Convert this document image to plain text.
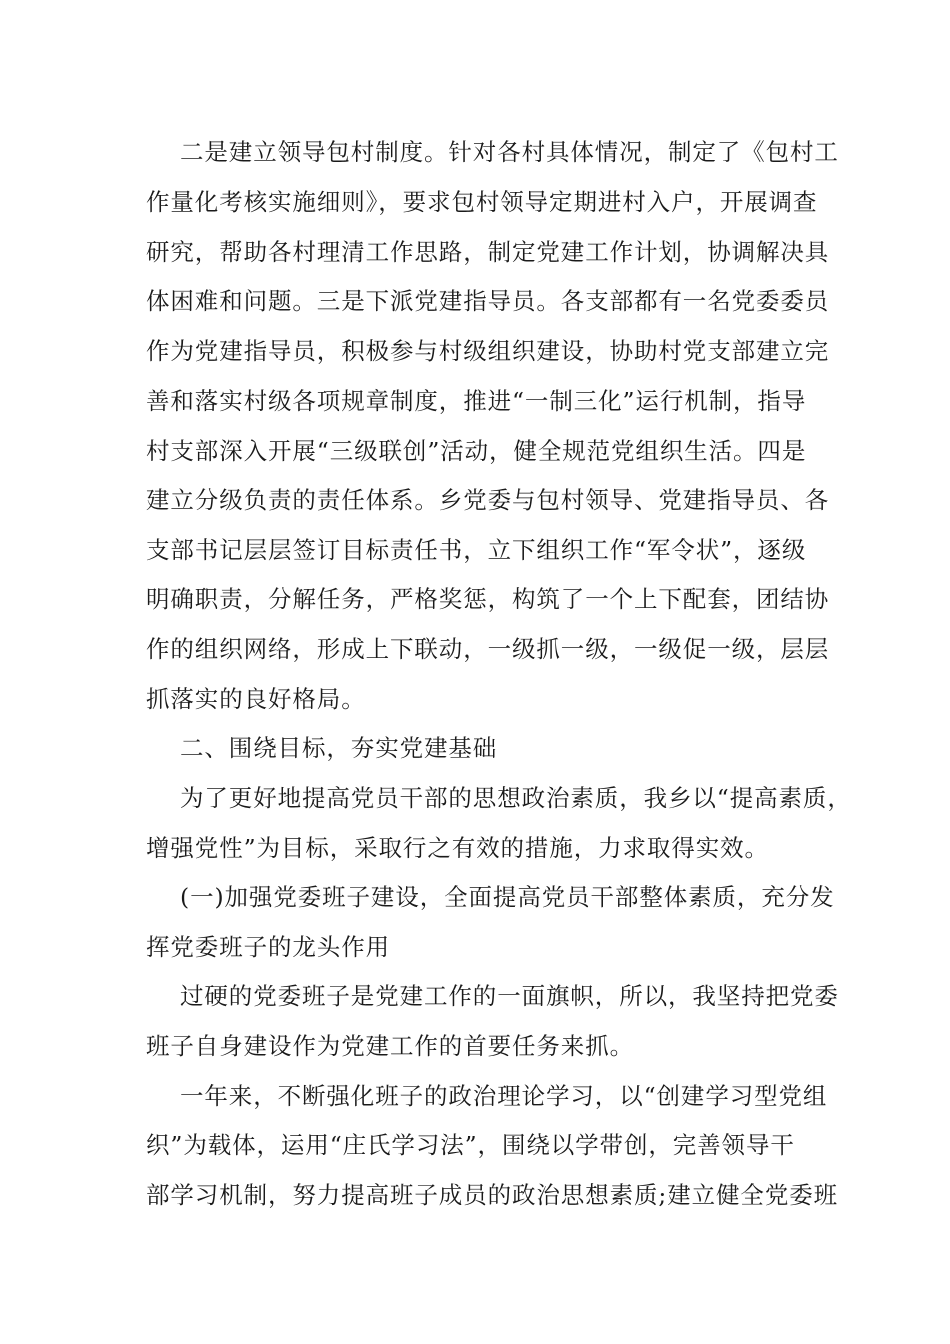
二是建立领导包村制度。针对各村具体情况，制定了《包村工
作量化考核实施细则》，要求包村领导定期进村入户，开展调查
研究，帮助各村理清工作思路，制定党建工作计划，协调解决具
体困难和问题。三是下派党建指导员。各支部都有一名党委委员
作为党建指导员，积极参与村级组织建设，协助村党支部建立完
善和落实村级各项规章制度，推进“一制三化”运行机制，指导
村支部深入开展“三级联创”活动，健全规范党组织生活。四是
建立分级负责的责任体系。乡党委与包村领导、党建指导员、各
支部书记层层签订目标责任书，立下组织工作“军令状”，逐级
明确职责，分解任务，严格奖惩，构筑了一个上下配套，团结协
作的组织网络，形成上下联动，一级抓一级，一级促一级，层层
抓落实的良好格局。
二、围绕目标，夯实党建基础
为了更好地提高党员干部的思想政治素质，我乡以“提高素质，
增强党性”为目标，采取行之有效的措施，力求取得实效。
(一)加强党委班子建设，全面提高党员干部整体素质，充分发
挥党委班子的龙头作用
过硬的党委班子是党建工作的一面旗帜，所以，我坚持把党委
班子自身建设作为党建工作的首要任务来抓。
一年来，不断强化班子的政治理论学习，以“创建学习型党组
织”为载体，运用“庄氏学习法”，围绕以学带创，完善领导干
部学习机制，努力提高班子成员的政治思想素质;建立健全党委班
